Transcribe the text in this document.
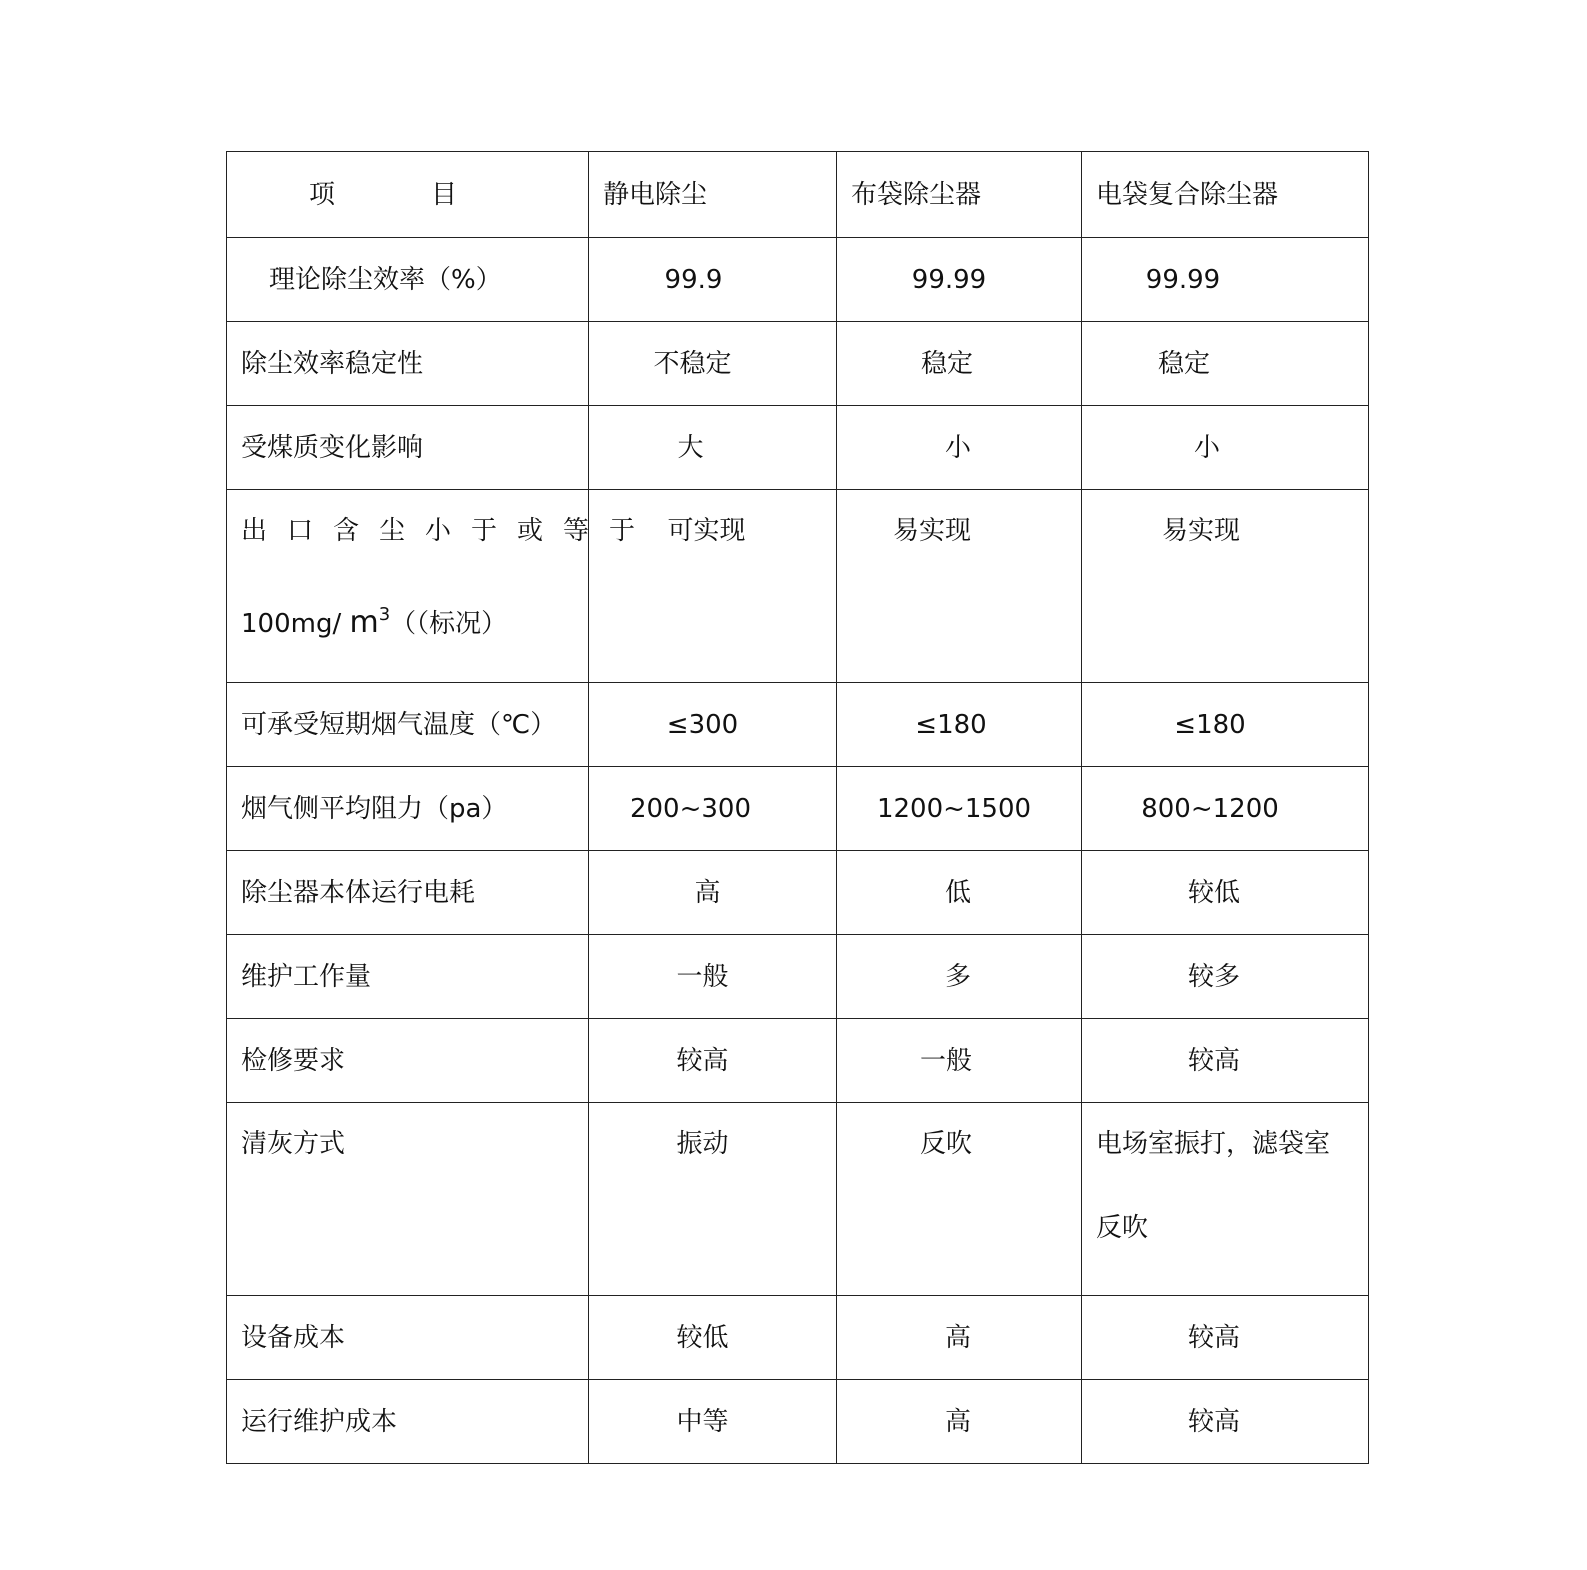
项 目	静电除尘	布袋除尘器	电袋复合除尘器
理论除尘效率（%）	99.9	99.99	99.99
除尘效率稳定性	不稳定	稳定	稳定
受煤质变化影响	大	小	小

出口含尘小于或等于
100mg/ $m^3$（（标况）	可实现	易实现	易实现
可承受短期烟气温度（℃）	≤300	≤180	≤180
烟气侧平均阻力（pa）	200~300	1200~1500	800~1200
除尘器本体运行电耗	高	低	较低
维护工作量	一般	多	较多
检修要求	较高	一般	较高
清灰方式	振动	反吹	电场室振打，滤袋室
反吹

设备成本	较低	高	较高
运行维护成本	中等	高	较高
